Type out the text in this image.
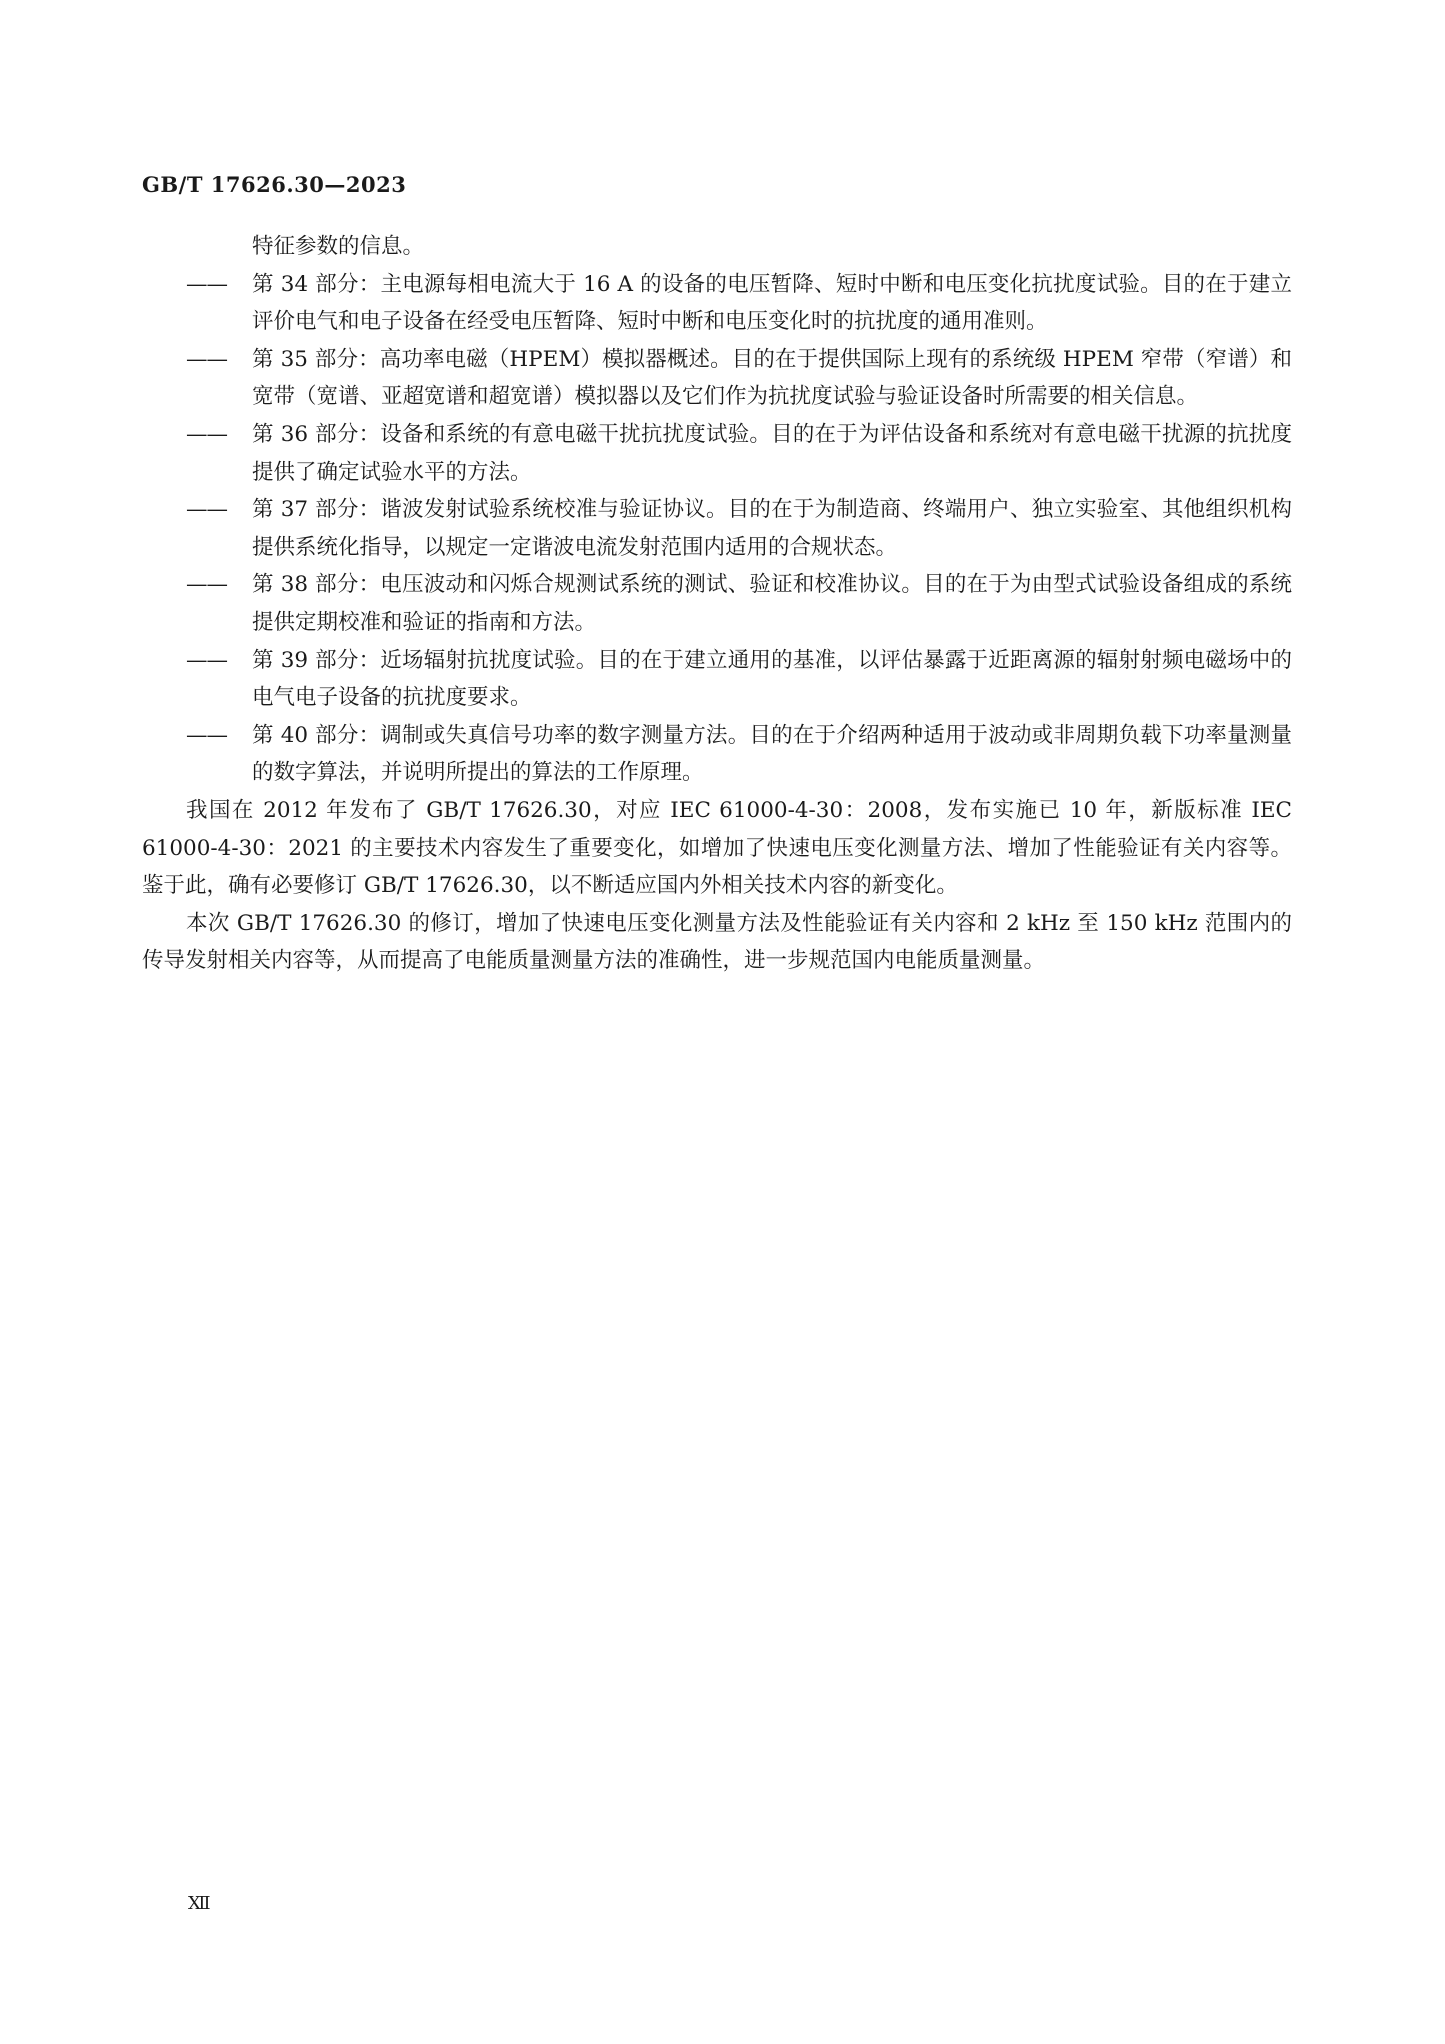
GB/T 17626.30—2023
特征参数的信息。
——	第 34 部分：主电源每相电流大于 16 A 的设备的电压暂降、短时中断和电压变化抗扰度试验。目的在于建立评价电气和电子设备在经受电压暂降、短时中断和电压变化时的抗扰度的通用准则。
——	第 35 部分：高功率电磁（HPEM）模拟器概述。目的在于提供国际上现有的系统级 HPEM 窄带（窄谱）和宽带（宽谱、亚超宽谱和超宽谱）模拟器以及它们作为抗扰度试验与验证设备时所需要的相关信息。
——	第 36 部分：设备和系统的有意电磁干扰抗扰度试验。目的在于为评估设备和系统对有意电磁干扰源的抗扰度提供了确定试验水平的方法。
——	第 37 部分：谐波发射试验系统校准与验证协议。目的在于为制造商、终端用户、独立实验室、其他组织机构提供系统化指导，以规定一定谐波电流发射范围内适用的合规状态。
——	第 38 部分：电压波动和闪烁合规测试系统的测试、验证和校准协议。目的在于为由型式试验设备组成的系统提供定期校准和验证的指南和方法。
——	第 39 部分：近场辐射抗扰度试验。目的在于建立通用的基准，以评估暴露于近距离源的辐射射频电磁场中的电气电子设备的抗扰度要求。
——	第 40 部分：调制或失真信号功率的数字测量方法。目的在于介绍两种适用于波动或非周期负载下功率量测量的数字算法，并说明所提出的算法的工作原理。
我国在 2012 年发布了 GB/T 17626.30，对应 IEC 61000-4-30：2008，发布实施已 10 年，新版标准 IEC 61000-4-30：2021 的主要技术内容发生了重要变化，如增加了快速电压变化测量方法、增加了性能验证有关内容等。鉴于此，确有必要修订 GB/T 17626.30，以不断适应国内外相关技术内容的新变化。
本次 GB/T 17626.30 的修订，增加了快速电压变化测量方法及性能验证有关内容和 2 kHz 至 150 kHz 范围内的传导发射相关内容等，从而提高了电能质量测量方法的准确性，进一步规范国内电能质量测量。
Ⅻ
